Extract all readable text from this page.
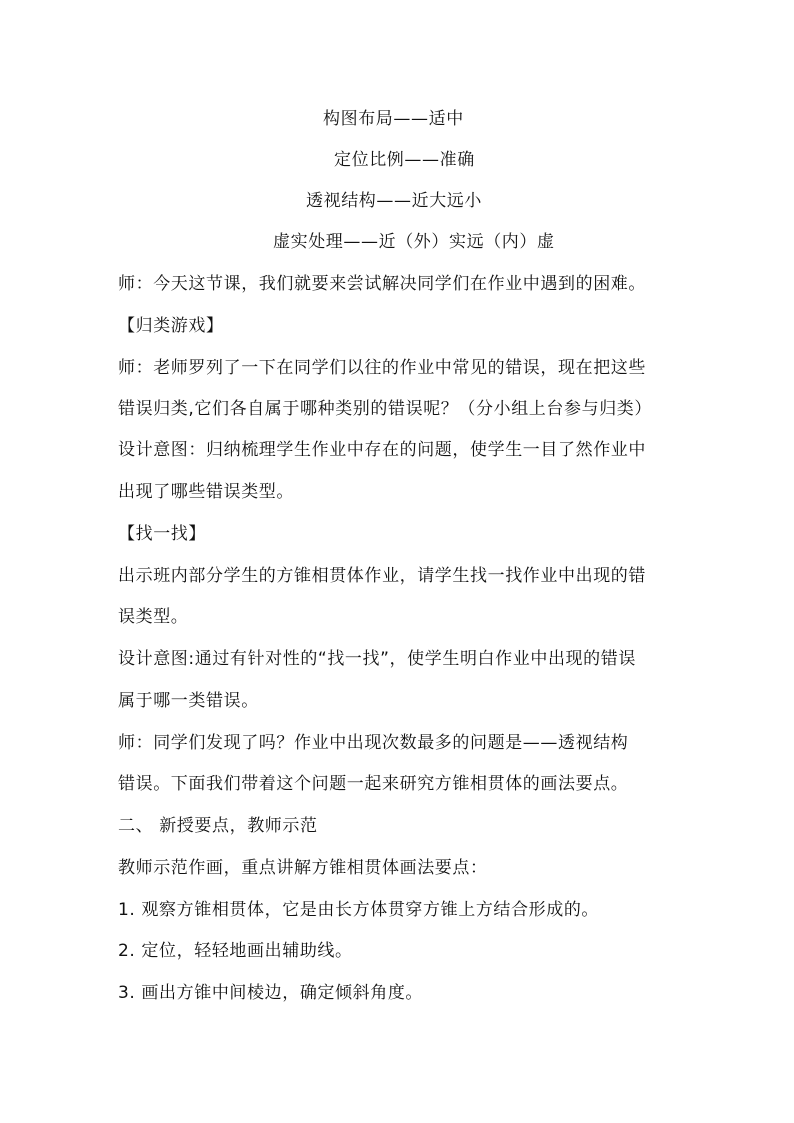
构图布局——适中
定位比例——准确
透视结构——近大远小
虚实处理——近（外）实远（内）虚
师：今天这节课，我们就要来尝试解决同学们在作业中遇到的困难。
【归类游戏】
师：老师罗列了一下在同学们以往的作业中常见的错误，现在把这些
错误归类,它们各自属于哪种类别的错误呢？（分小组上台参与归类）
设计意图：归纳梳理学生作业中存在的问题，使学生一目了然作业中
出现了哪些错误类型。
【找一找】
出示班内部分学生的方锥相贯体作业，请学生找一找作业中出现的错
误类型。
设计意图:通过有针对性的“找一找”，使学生明白作业中出现的错误
属于哪一类错误。
师：同学们发现了吗？作业中出现次数最多的问题是——透视结构
错误。下面我们带着这个问题一起来研究方锥相贯体的画法要点。
二、 新授要点，教师示范
教师示范作画，重点讲解方锥相贯体画法要点：
1. 观察方锥相贯体，它是由长方体贯穿方锥上方结合形成的。
2. 定位，轻轻地画出辅助线。
3. 画出方锥中间棱边，确定倾斜角度。
